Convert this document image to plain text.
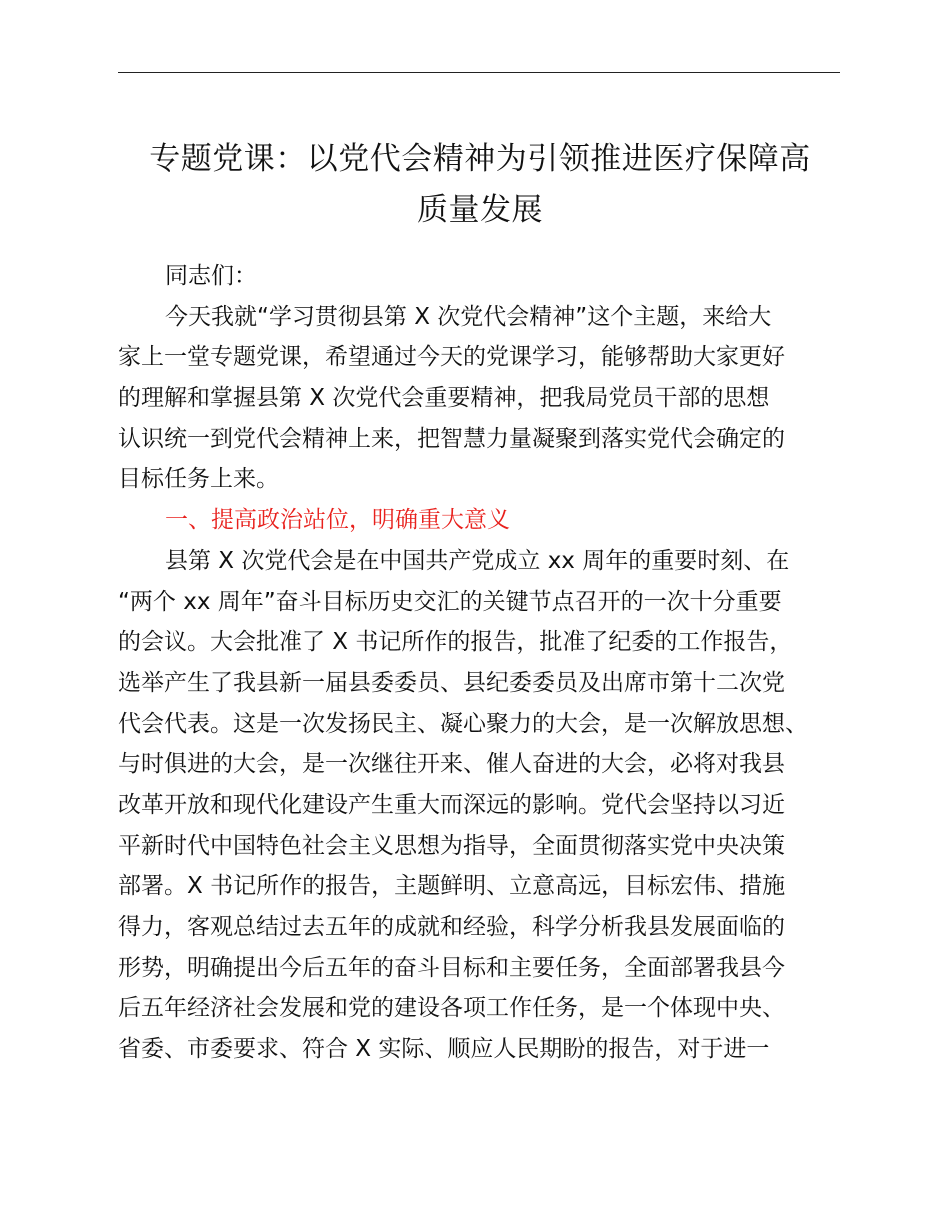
专题党课：以党代会精神为引领推进医疗保障高
质量发展
同志们：
今天我就“学习贯彻县第 X 次党代会精神”这个主题，来给大
家上一堂专题党课，希望通过今天的党课学习，能够帮助大家更好
的理解和掌握县第 X 次党代会重要精神，把我局党员干部的思想
认识统一到党代会精神上来，把智慧力量凝聚到落实党代会确定的
目标任务上来。
一、提高政治站位，明确重大意义
县第 X 次党代会是在中国共产党成立 xx 周年的重要时刻、在
“两个 xx 周年”奋斗目标历史交汇的关键节点召开的一次十分重要
的会议。大会批准了 X 书记所作的报告，批准了纪委的工作报告，
选举产生了我县新一届县委委员、县纪委委员及出席市第十二次党
代会代表。这是一次发扬民主、凝心聚力的大会，是一次解放思想、
与时俱进的大会，是一次继往开来、催人奋进的大会，必将对我县
改革开放和现代化建设产生重大而深远的影响。党代会坚持以习近
平新时代中国特色社会主义思想为指导，全面贯彻落实党中央决策
部署。X 书记所作的报告，主题鲜明、立意高远，目标宏伟、措施
得力，客观总结过去五年的成就和经验，科学分析我县发展面临的
形势，明确提出今后五年的奋斗目标和主要任务，全面部署我县今
后五年经济社会发展和党的建设各项工作任务，是一个体现中央、
省委、市委要求、符合 X 实际、顺应人民期盼的报告，对于进一
